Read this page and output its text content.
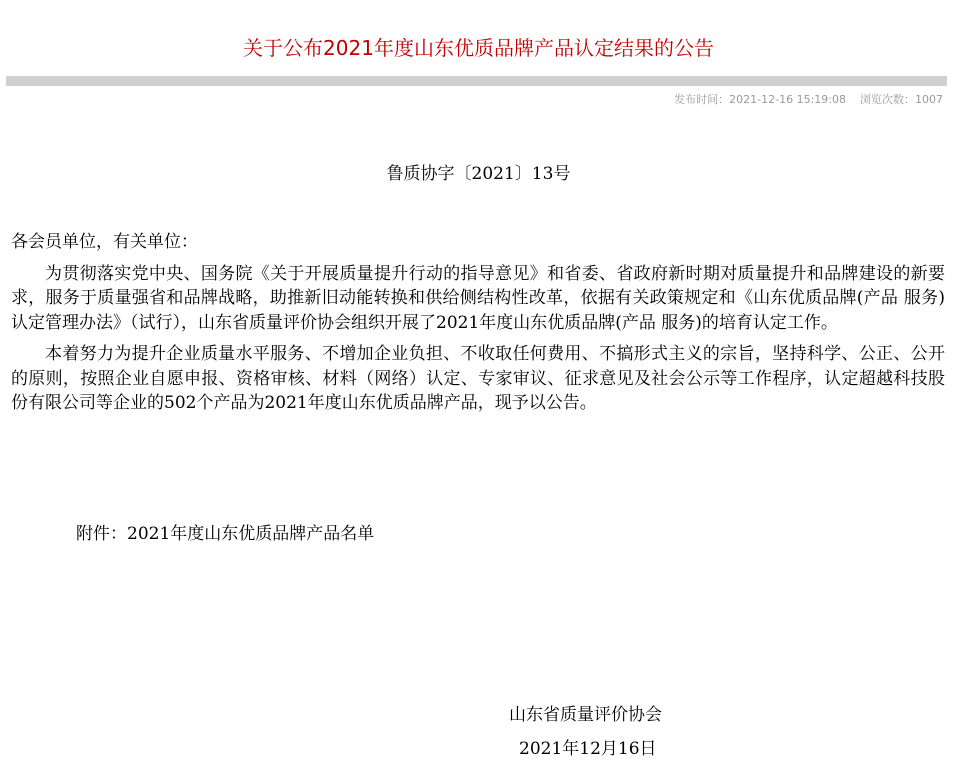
关于公布2021年度山东优质品牌产品认定结果的公告
发布时间：2021-12-16 15:19:08 浏览次数：1007
鲁质协字〔2021〕13号

各会员单位，有关单位：

为贯彻落实党中央、国务院《关于开展质量提升行动的指导意见》和省委、省政府新时期对质量提升和品牌建设的新要求，服务于质量强省和品牌战略，助推新旧动能转换和供给侧结构性改革，依据有关政策规定和《山东优质品牌(产品 服务)认定管理办法》（试行），山东省质量评价协会组织开展了2021年度山东优质品牌(产品 服务)的培育认定工作。

本着努力为提升企业质量水平服务、不增加企业负担、不收取任何费用、不搞形式主义的宗旨，坚持科学、公正、公开的原则，按照企业自愿申报、资格审核、材料（网络）认定、专家审议、征求意见及社会公示等工作程序，认定超越科技股份有限公司等企业的502个产品为2021年度山东优质品牌产品，现予以公告。

附件：2021年度山东优质品牌产品名单
山东省质量评价协会
2021年12月16日
